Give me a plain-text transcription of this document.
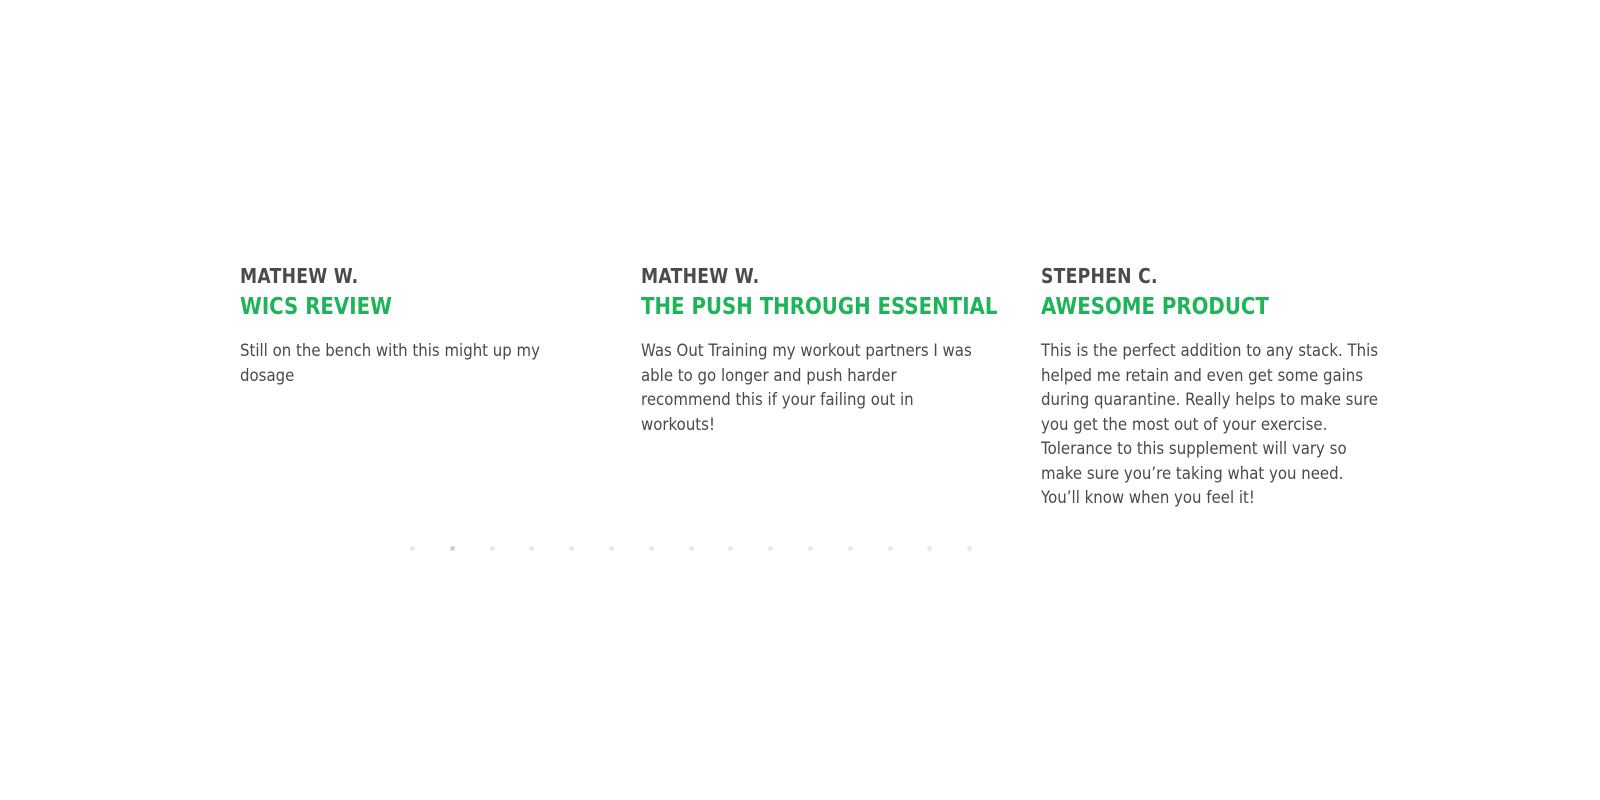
MATHEW W.
WICS REVIEW
Still on the bench with this might up my dosage
MATHEW W.
THE PUSH THROUGH ESSENTIAL
Was Out Training my workout partners I was able to go longer and push harder recommend this if your failing out in workouts!
STEPHEN C.
AWESOME PRODUCT
This is the perfect addition to any stack. This helped me retain and even get some gains during quarantine. Really helps to make sure you get the most out of your exercise. Tolerance to this supplement will vary so make sure you’re taking what you need. You’ll know when you feel it!
